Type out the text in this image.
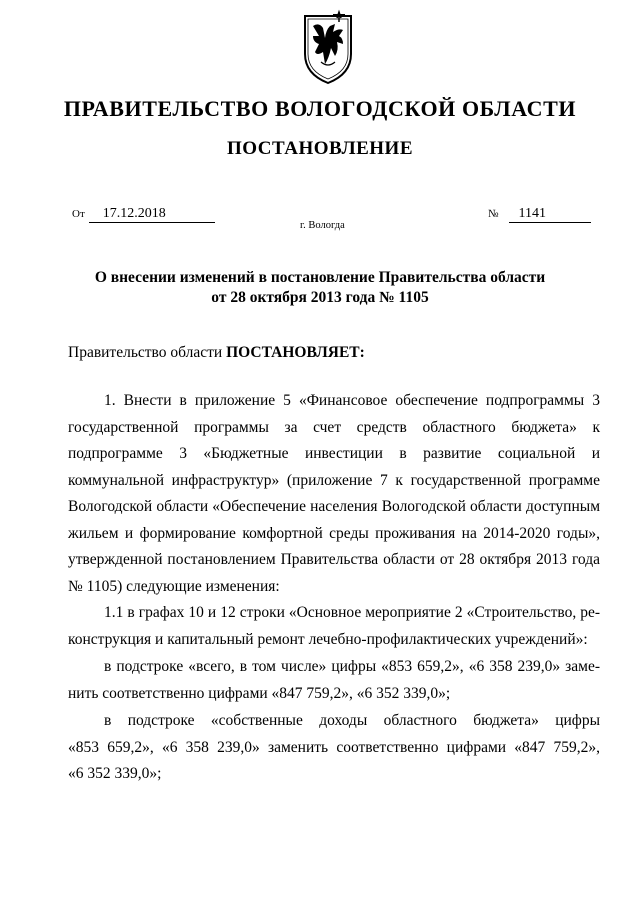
ПРАВИТЕЛЬСТВО ВОЛОГОДСКОЙ ОБЛАСТИ
ПОСТАНОВЛЕНИЕ
От 17.12.2018	№ 1141
г. Вологда
О внесении изменений в постановление Правительства области
от 28 октября 2013 года № 1105
Правительство области ПОСТАНОВЛЯЕТ:
1. Внести в приложение 5 «Финансовое обеспечение подпрограммы 3
государственной программы за счет средств областного бюджета» к
подпрограмме 3 «Бюджетные инвестиции в развитие социальной и
коммунальной инфраструктур» (приложение 7 к государственной программе
Вологодской области «Обеспечение населения Вологодской области доступным
жильем и формирование комфортной среды проживания на 2014-2020 годы»,
утвержденной постановлением Правительства области от 28 октября 2013 года
№ 1105) следующие изменения:
1.1 в графах 10 и 12 строки «Основное мероприятие 2 «Строительство, ре-
конструкция и капитальный ремонт лечебно-профилактических учреждений»:
в подстроке «всего, в том числе» цифры «853 659,2», «6 358 239,0» заме-
нить соответственно цифрами «847 759,2», «6 352 339,0»;
в подстроке «собственные доходы областного бюджета» цифры
«853 659,2», «6 358 239,0» заменить соответственно цифрами «847 759,2»,
«6 352 339,0»;
